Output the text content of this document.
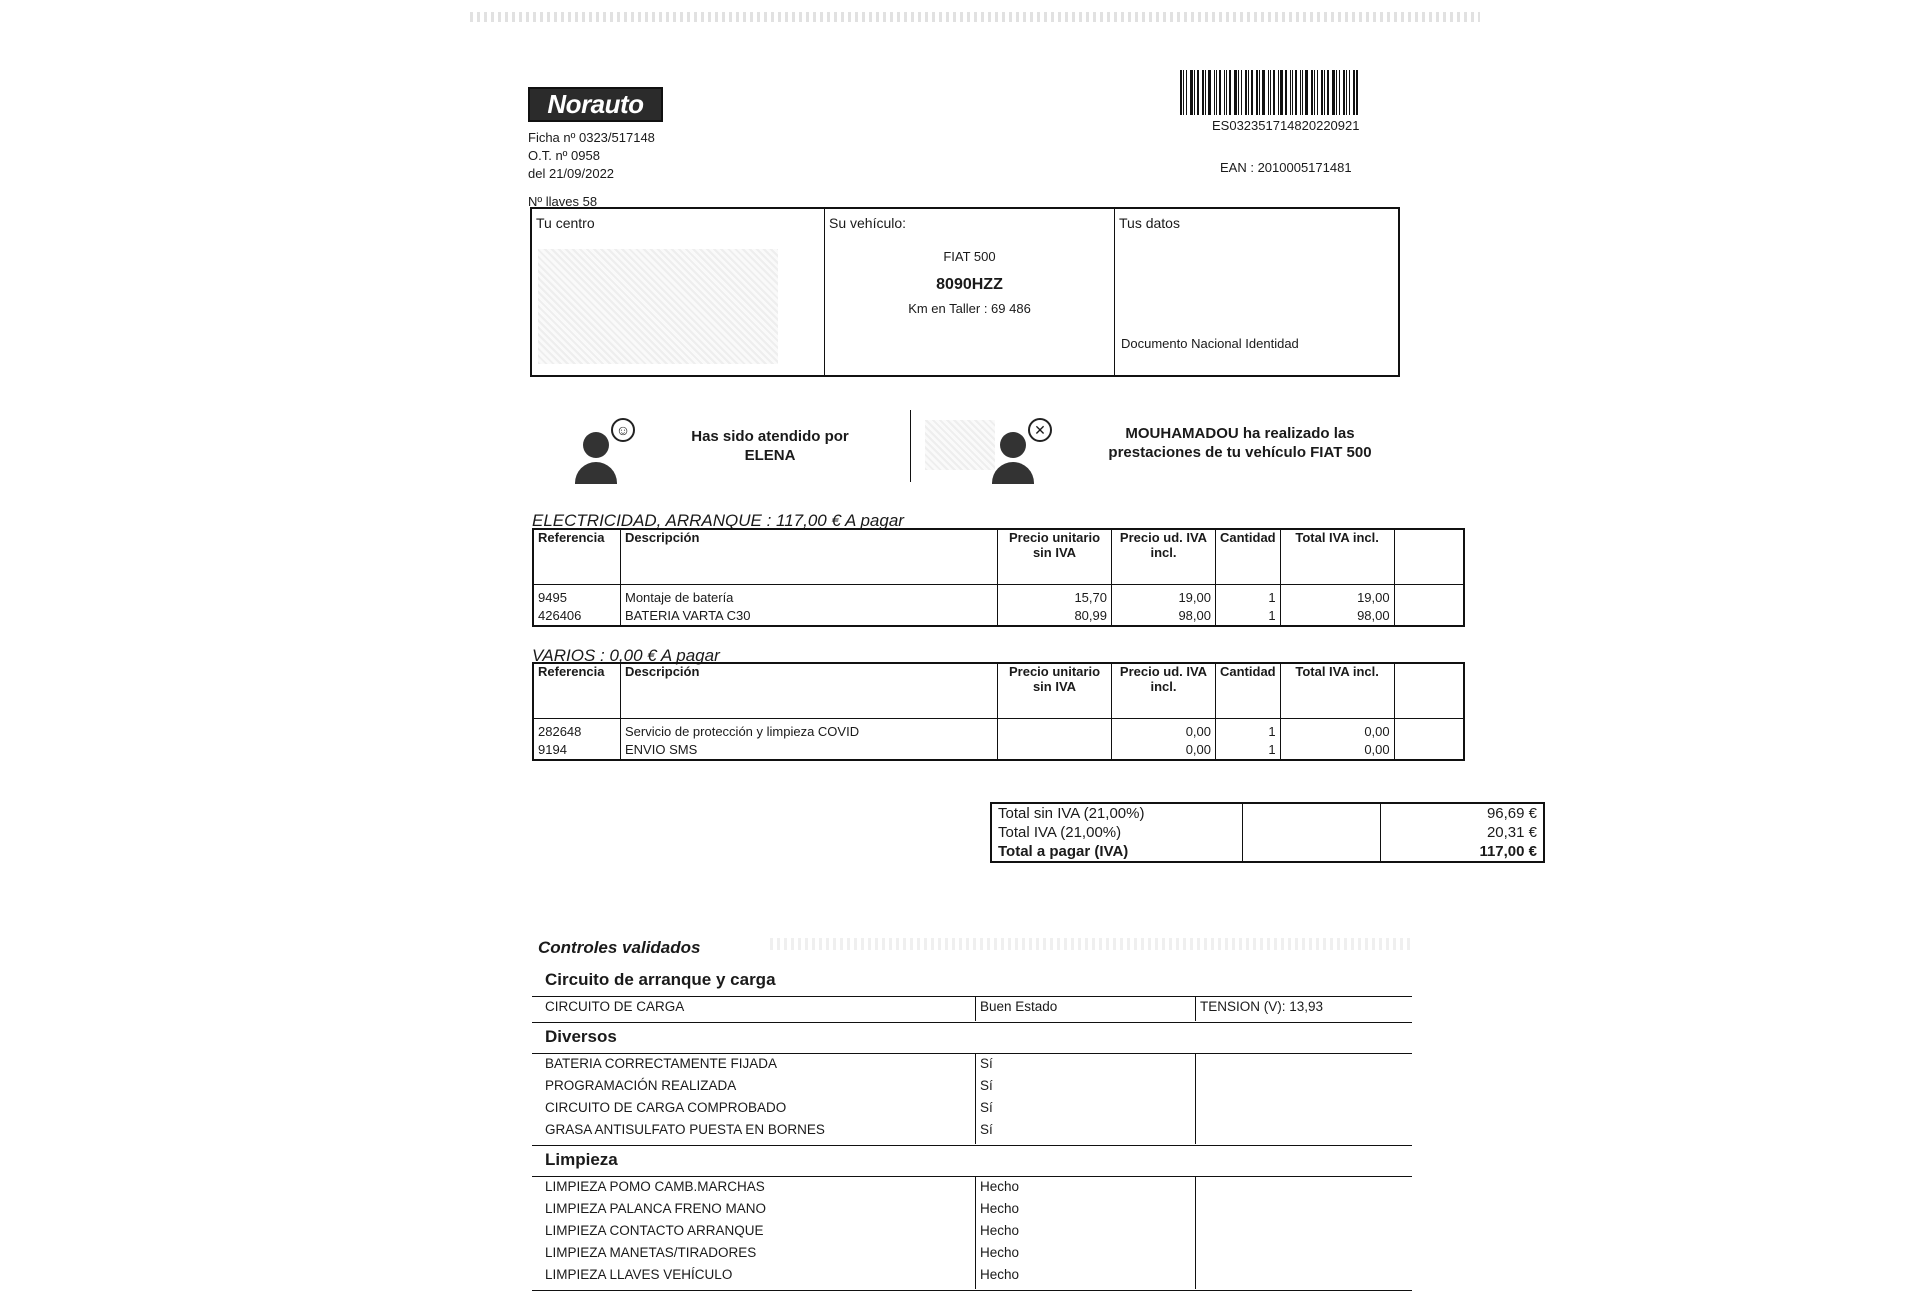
Norauto
Ficha nº 0323/517148
O.T. nº 0958
del 21/09/2022
Nº llaves 58
ES032351714820220921
EAN : 2010005171481
Tu centro	Su vehículo:
FIAT 500
8090HZZ
Km en Taller : 69 486
Tus datos
Documento Nacional Identidad
☺	Has sido atendido por
ELENA
✕	MOUHAMADOU ha realizado las
prestaciones de tu vehículo FIAT 500
ELECTRICIDAD, ARRANQUE : 117,00 € A pagar
Referencia	Descripción	Precio unitario sin IVA	Precio ud. IVA incl.	Cantidad	Total IVA incl.	
9495	Montaje de batería	15,70	19,00	1	19,00	
426406	BATERIA VARTA C30	80,99	98,00	1	98,00	
VARIOS : 0,00 € A pagar
Referencia	Descripción	Precio unitario sin IVA	Precio ud. IVA incl.	Cantidad	Total IVA incl.	
282648	Servicio de protección y limpieza COVID		0,00	1	0,00	
9194	ENVIO SMS		0,00	1	0,00	
Total sin IVA (21,00%)		96,69 €
Total IVA (21,00%)		20,31 €
Total a pagar (IVA)		117,00 €
Controles validados
Circuito de arranque y carga
CIRCUITO DE CARGA	Buen Estado	TENSION (V): 13,93
Diversos
BATERIA CORRECTAMENTE FIJADA	Sí
PROGRAMACIÓN REALIZADA	Sí
CIRCUITO DE CARGA COMPROBADO	Sí
GRASA ANTISULFATO PUESTA EN BORNES	Sí
Limpieza
LIMPIEZA POMO CAMB.MARCHAS	Hecho
LIMPIEZA PALANCA FRENO MANO	Hecho
LIMPIEZA CONTACTO ARRANQUE	Hecho
LIMPIEZA MANETAS/TIRADORES	Hecho
LIMPIEZA LLAVES VEHÍCULO	Hecho
